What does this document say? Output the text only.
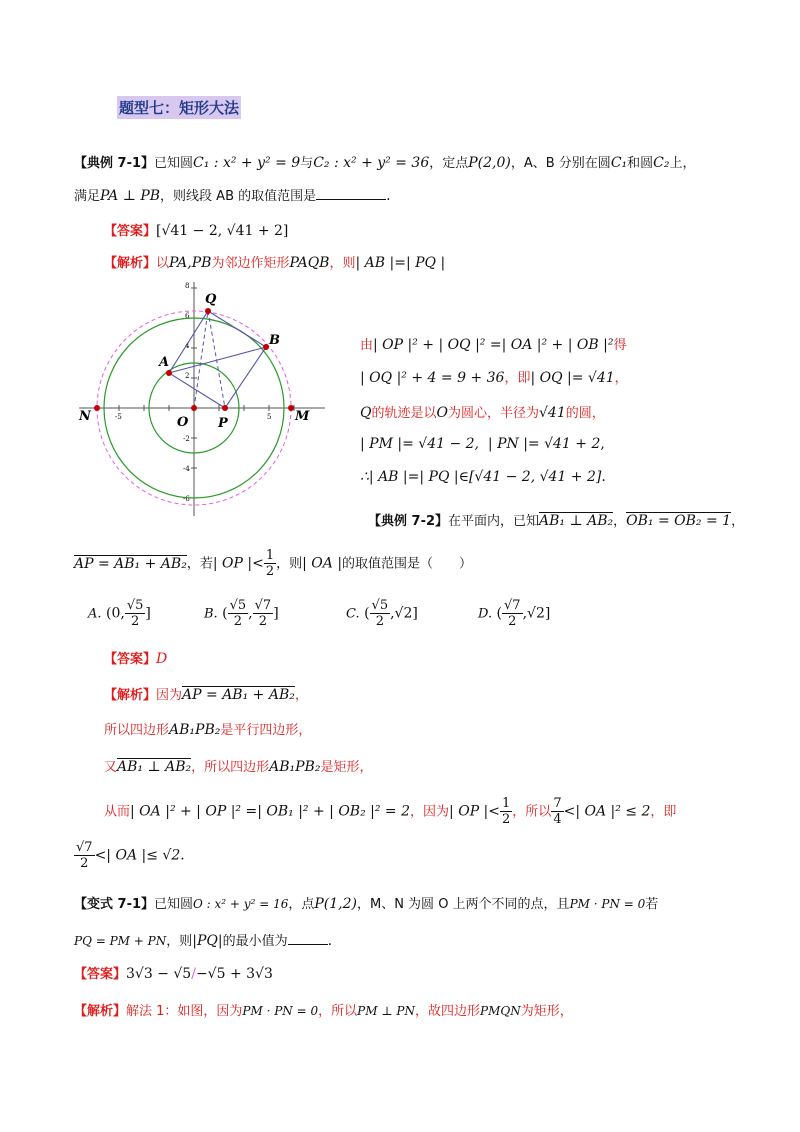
题型七：矩形大法
【典例 7-1】已知圆C₁ : x² + y² = 9与C₂ : x² + y² = 36，定点P(2,0)，A、B 分别在圆C₁和圆C₂上，
满足PA ⊥ PB，则线段 AB 的取值范围是	.
【答案】[√41 − 2, √41 + 2]
【解析】以PA,PB为邻边作矩形PAQB，则| AB |=| PQ |
-5	5
8
6
4
2
-2
-4
-6
Q
B
A
O P
N	M
由| OP |² + | OQ |² =| OA |² + | OB |²得
| OQ |² + 4 = 9 + 36，即| OQ |= √41，
Q的轨迹是以O为圆心，半径为√41的圆，
| PM |= √41 − 2, | PN |= √41 + 2,
∴| AB |=| PQ |∈[√41 − 2, √41 + 2].
【典例 7-2】在平面内，已知AB₁ ⊥ AB₂，OB₁ = OB₂ = 1，
AP = AB₁ + AB₂，若| OP |< $\frac{1}{2}$ ，则| OA |的取值范围是（　　）
A. (0, $\frac{√5}{2}$ ]	B. ( $\frac{√5}{2}$ , $\frac{√7}{2}$ ]	C. ( $\frac{√5}{2} ,√2$]	D. ( $\frac{√7}{2} ,√2$]
【答案】D
【解析】因为AP = AB₁ + AB₂，
所以四边形AB₁PB₂是平行四边形，
又AB₁ ⊥ AB₂，所以四边形AB₁PB₂是矩形，
从而| OA |² + | OP |² =| OB₁ |² + | OB₂ |² = 2，因为| OP |< $\frac{1}{2}$ ，所以 $\frac{7}{4}$ <| OA |² ≤ 2，即
$\frac{√7}{2}$ <| OA |≤ √2.
【变式 7-1】已知圆O : x² + y² = 16，点P(1,2)，M、N 为圆 O 上两个不同的点，且PM · PN = 0若
PQ = PM + PN，则|PQ|的最小值为	.
【答案】3√3 − √5/−√5 + 3√3
【解析】解法 1：如图，因为PM · PN = 0，所以PM ⊥ PN，故四边形PMQN为矩形，
